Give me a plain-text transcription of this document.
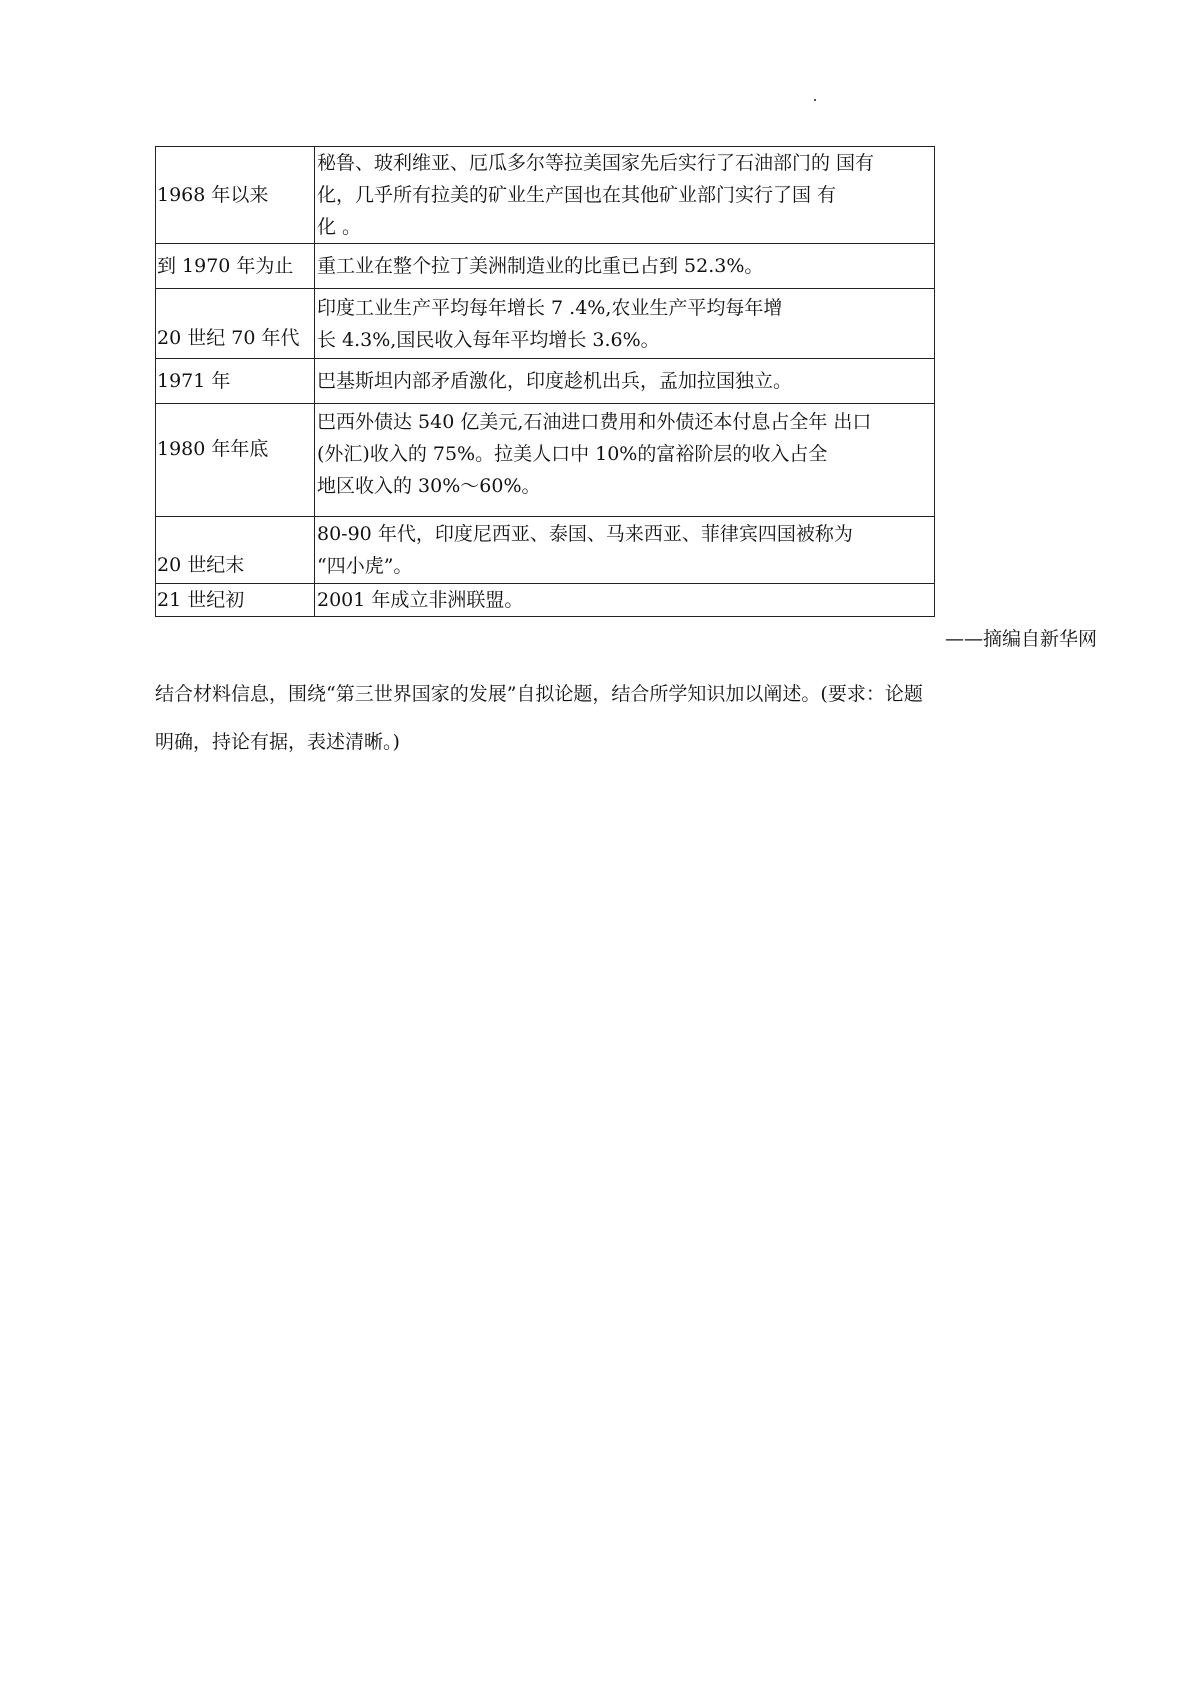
1968 年以来	秘鲁、玻利维亚、厄瓜多尔等拉美国家先后实行了石油部门的 国有
化，几乎所有拉美的矿业生产国也在其他矿业部门实行了国 有
化 。

到 1970 年为止	重工业在整个拉丁美洲制造业的比重已占到 52.3%。

20 世纪 70 年代	印度工业生产平均每年增长 7 .4%,农业生产平均每年增
长 4.3%,国民收入每年平均增长 3.6%。

1971 年	巴基斯坦内部矛盾激化，印度趁机出兵，孟加拉国独立。

1980 年年底	巴西外债达 540 亿美元,石油进口费用和外债还本付息占全年 出口
(外汇)收入的 75%。拉美人口中 10%的富裕阶层的收入占全
地区收入的 30%～60%。

20 世纪末	80-90 年代，印度尼西亚、泰国、马来西亚、菲律宾四国被称为
“四小虎”。

21 世纪初	2001 年成立非洲联盟。
——摘编自新华网
结合材料信息，围绕“第三世界国家的发展”自拟论题，结合所学知识加以阐述。(要求：论题
明确，持论有据，表述清晰。)
